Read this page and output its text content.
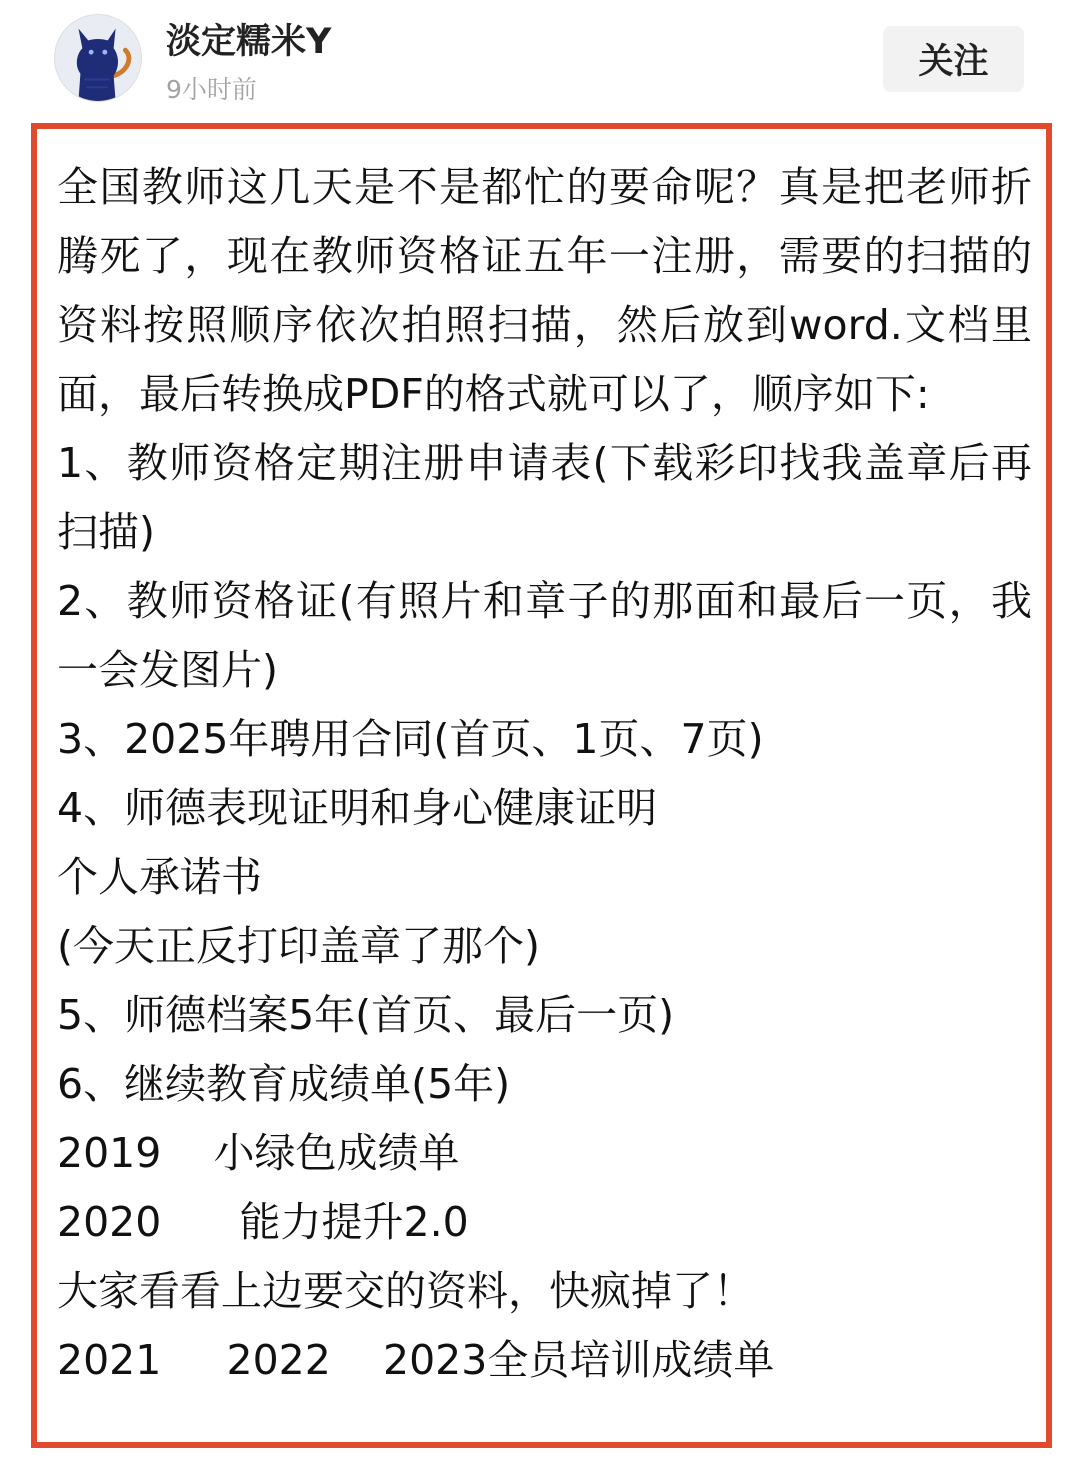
淡定糯米Y
9小时前
关注

全国教师这几天是不是都忙的要命呢？真是把老师折腾死了，现在教师资格证五年一注册，需要的扫描的资料按照顺序依次拍照扫描，然后放到word.文档里面，最后转换成PDF的格式就可以了，顺序如下:

1、教师资格定期注册申请表(下载彩印找我盖章后再扫描)

2、教师资格证(有照片和章子的那面和最后一页，我一会发图片)

3、2025年聘用合同(首页、1页、7页)

4、师德表现证明和身心健康证明

个人承诺书

(今天正反打印盖章了那个)

5、师德档案5年(首页、最后一页)

6、继续教育成绩单(5年)

2019    小绿色成绩单

2020      能力提升2.0

大家看看上边要交的资料，快疯掉了！

2021     2022    2023全员培训成绩单
